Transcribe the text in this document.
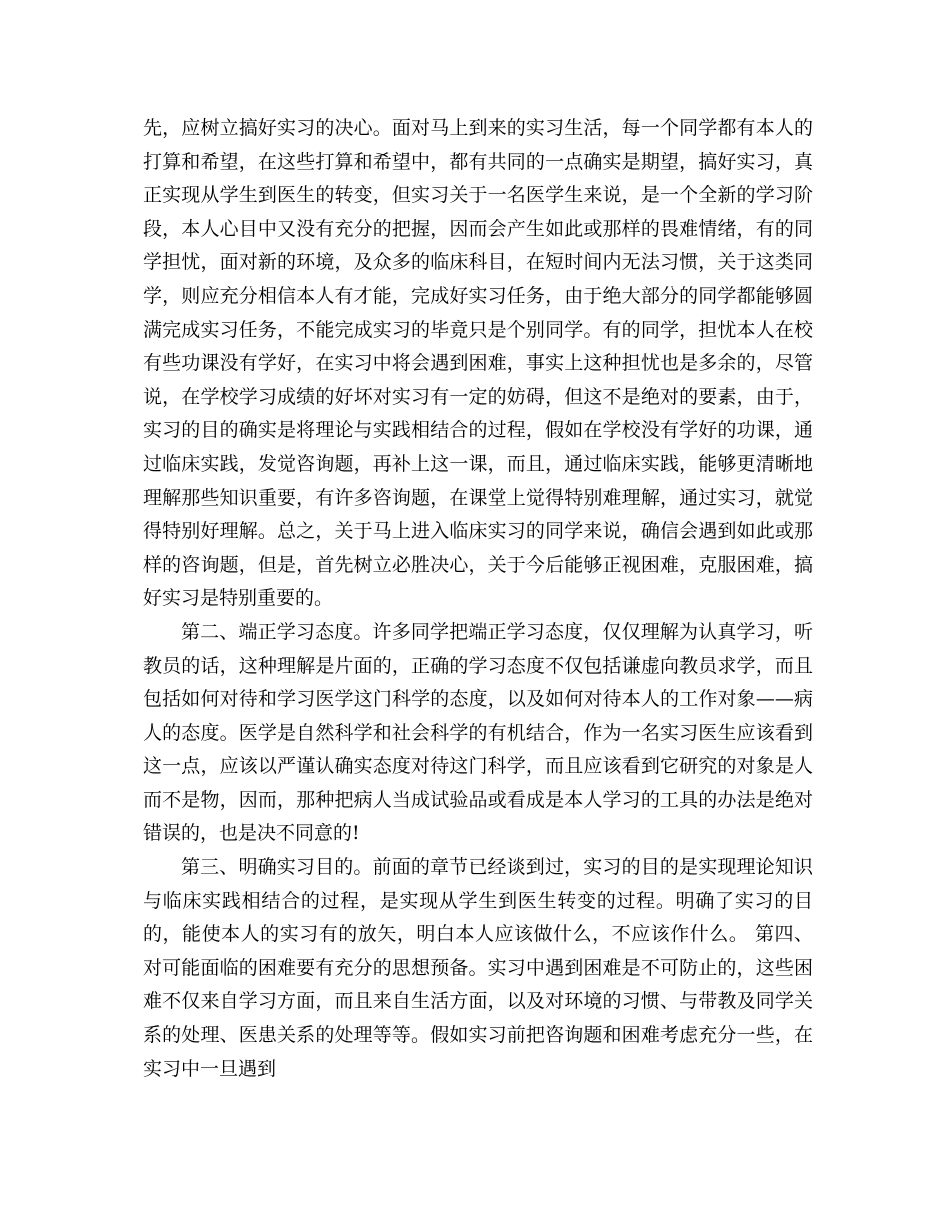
先，应树立搞好实习的决心。面对马上到来的实习生活，每一个同学都有本人的打算和希望，在这些打算和希望中，都有共同的一点确实是期望，搞好实习，真正实现从学生到医生的转变，但实习关于一名医学生来说，是一个全新的学习阶段，本人心目中又没有充分的把握，因而会产生如此或那样的畏难情绪，有的同学担忧，面对新的环境，及众多的临床科目，在短时间内无法习惯，关于这类同学，则应充分相信本人有才能，完成好实习任务，由于绝大部分的同学都能够圆满完成实习任务，不能完成实习的毕竟只是个别同学。有的同学，担忧本人在校有些功课没有学好，在实习中将会遇到困难，事实上这种担忧也是多余的，尽管说，在学校学习成绩的好坏对实习有一定的妨碍，但这不是绝对的要素，由于，实习的目的确实是将理论与实践相结合的过程，假如在学校没有学好的功课，通过临床实践，发觉咨询题，再补上这一课，而且，通过临床实践，能够更清晰地理解那些知识重要，有许多咨询题，在课堂上觉得特别难理解，通过实习，就觉得特别好理解。总之，关于马上进入临床实习的同学来说，确信会遇到如此或那样的咨询题，但是，首先树立必胜决心，关于今后能够正视困难，克服困难，搞好实习是特别重要的。

第二、端正学习态度。许多同学把端正学习态度，仅仅理解为认真学习，听教员的话，这种理解是片面的，正确的学习态度不仅包括谦虚向教员求学，而且包括如何对待和学习医学这门科学的态度，以及如何对待本人的工作对象——病人的态度。医学是自然科学和社会科学的有机结合，作为一名实习医生应该看到这一点，应该以严谨认确实态度对待这门科学，而且应该看到它研究的对象是人而不是物，因而，那种把病人当成试验品或看成是本人学习的工具的办法是绝对错误的，也是决不同意的!

第三、明确实习目的。前面的章节已经谈到过，实习的目的是实现理论知识与临床实践相结合的过程，是实现从学生到医生转变的过程。明确了实习的目的，能使本人的实习有的放矢，明白本人应该做什么，不应该作什么。 第四、对可能面临的困难要有充分的思想预备。实习中遇到困难是不可防止的，这些困难不仅来自学习方面，而且来自生活方面，以及对环境的习惯、与带教及同学关系的处理、医患关系的处理等等。假如实习前把咨询题和困难考虑充分一些，在实习中一旦遇到
